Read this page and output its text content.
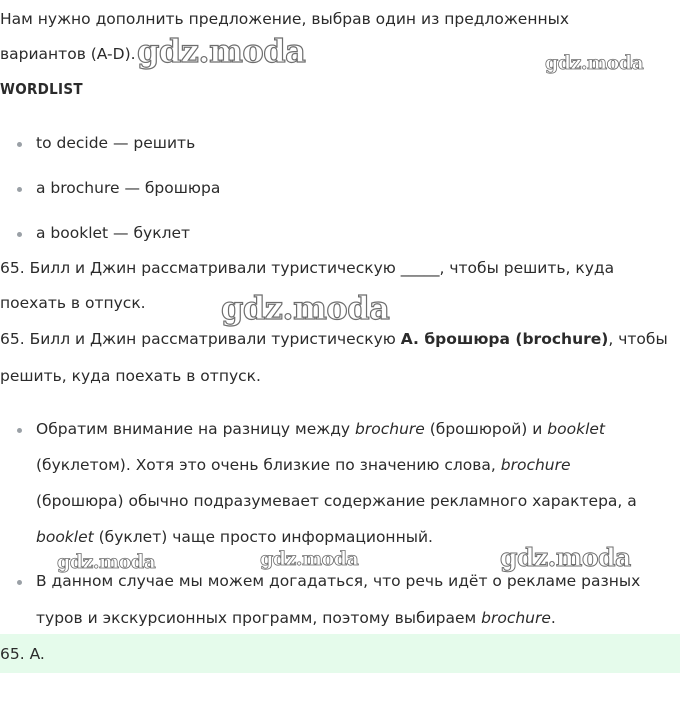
Нам нужно дополнить предложение, выбрав один из предложенных
вариантов (A-D).
WORDLIST
to decide — решить
a brochure — брошюра
a booklet — буклет
65. Билл и Джин рассматривали туристическую _____, чтобы решить, куда
поехать в отпуск.
65. Билл и Джин рассматривали туристическую A. брошюра (brochure), чтобы
решить, куда поехать в отпуск.
Обратим внимание на разницу между brochure (брошюрой) и booklet
(буклетом). Хотя это очень близкие по значению слова, brochure
(брошюра) обычно подразумевает содержание рекламного характера, а
booklet (буклет) чаще просто информационный.
В данном случае мы можем догадаться, что речь идёт о рекламе разных
туров и экскурсионных программ, поэтому выбираем brochure.
65. A.
gdz.moda	gdz.moda
gdz.moda
gdz.moda	gdz.moda	gdz.moda
